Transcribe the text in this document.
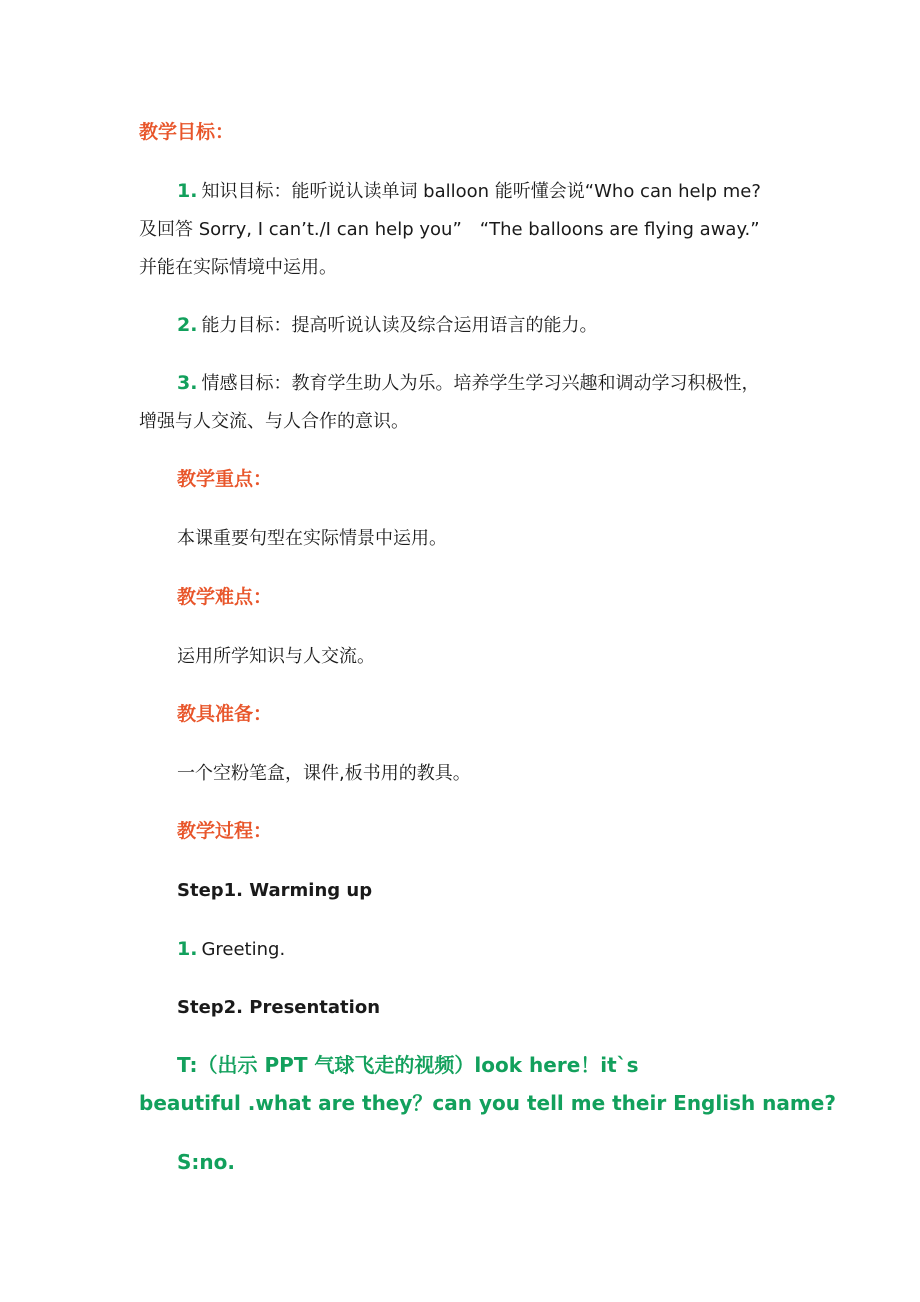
教学目标：
1. 知识目标：能听说认读单词 balloon 能听懂会说“Who can help me?
及回答 Sorry, I can’t./I can help you”　“The balloons are flying away.”
并能在实际情境中运用。
2. 能力目标：提高听说认读及综合运用语言的能力。
3. 情感目标：教育学生助人为乐。培养学生学习兴趣和调动学习积极性，
增强与人交流、与人合作的意识。
教学重点：
本课重要句型在实际情景中运用。
教学难点：
运用所学知识与人交流。
教具准备：
一个空粉笔盒，课件,板书用的教具。
教学过程：
Step1. Warming up
1. Greeting.
Step2. Presentation
T:（出示 PPT 气球飞走的视频）look here！it`s
beautiful .what are they？can you tell me their English name?
S:no.
